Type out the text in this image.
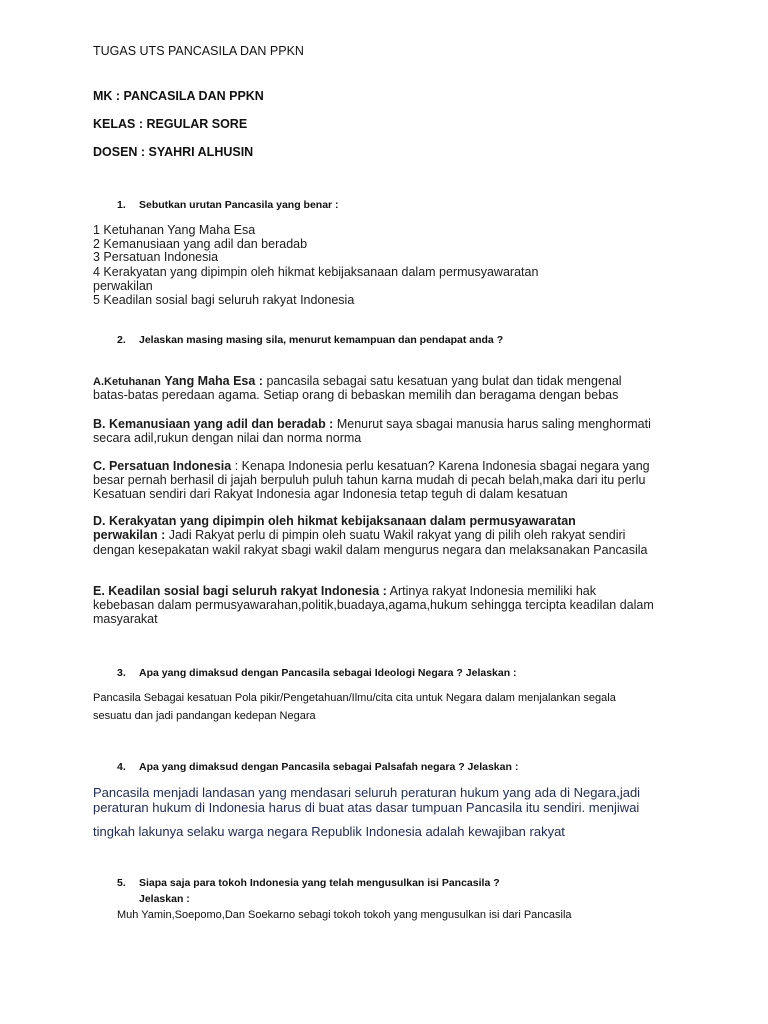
TUGAS UTS PANCASILA DAN PPKN
MK : PANCASILA DAN PPKN
KELAS : REGULAR SORE
DOSEN : SYAHRI ALHUSIN
1. Sebutkan urutan Pancasila yang benar :
1 Ketuhanan Yang Maha Esa
2 Kemanusiaan yang adil dan beradab
3 Persatuan Indonesia
4 Kerakyatan yang dipimpin oleh hikmat kebijaksanaan dalam permusyawaratan
perwakilan
5 Keadilan sosial bagi seluruh rakyat Indonesia
2. Jelaskan masing masing sila, menurut kemampuan dan pendapat anda ?
A.Ketuhanan Yang Maha Esa : pancasila sebagai satu kesatuan yang bulat dan tidak mengenal
batas-batas peredaan agama. Setiap orang di bebaskan memilih dan beragama dengan bebas
B. Kemanusiaan yang adil dan beradab : Menurut saya sbagai manusia harus saling menghormati
secara adil,rukun dengan nilai dan norma norma
C. Persatuan Indonesia : Kenapa Indonesia perlu kesatuan? Karena Indonesia sbagai negara yang
besar pernah berhasil di jajah berpuluh puluh tahun karna mudah di pecah belah,maka dari itu perlu
Kesatuan sendiri dari Rakyat Indonesia agar Indonesia tetap teguh di dalam kesatuan
D. Kerakyatan yang dipimpin oleh hikmat kebijaksanaan dalam permusyawaratan
perwakilan : Jadi Rakyat perlu di pimpin oleh suatu Wakil rakyat yang di pilih oleh rakyat sendiri
dengan kesepakatan wakil rakyat sbagi wakil dalam mengurus negara dan melaksanakan Pancasila
E. Keadilan sosial bagi seluruh rakyat Indonesia : Artinya rakyat Indonesia memiliki hak
kebebasan dalam permusyawarahan,politik,buadaya,agama,hukum sehingga tercipta keadilan dalam
masyarakat
3. Apa yang dimaksud dengan Pancasila sebagai Ideologi Negara ? Jelaskan :
Pancasila Sebagai kesatuan Pola pikir/Pengetahuan/Ilmu/cita cita untuk Negara dalam menjalankan segala
sesuatu dan jadi pandangan kedepan Negara
4. Apa yang dimaksud dengan Pancasila sebagai Palsafah negara ? Jelaskan :
Pancasila menjadi landasan yang mendasari seluruh peraturan hukum yang ada di Negara,jadi
peraturan hukum di Indonesia harus di buat atas dasar tumpuan Pancasila itu sendiri. menjiwai
tingkah lakunya selaku warga negara Republik Indonesia adalah kewajiban rakyat
5. Siapa saja para tokoh Indonesia yang telah mengusulkan isi Pancasila ?
Jelaskan :
Muh Yamin,Soepomo,Dan Soekarno sebagi tokoh tokoh yang mengusulkan isi dari Pancasila
